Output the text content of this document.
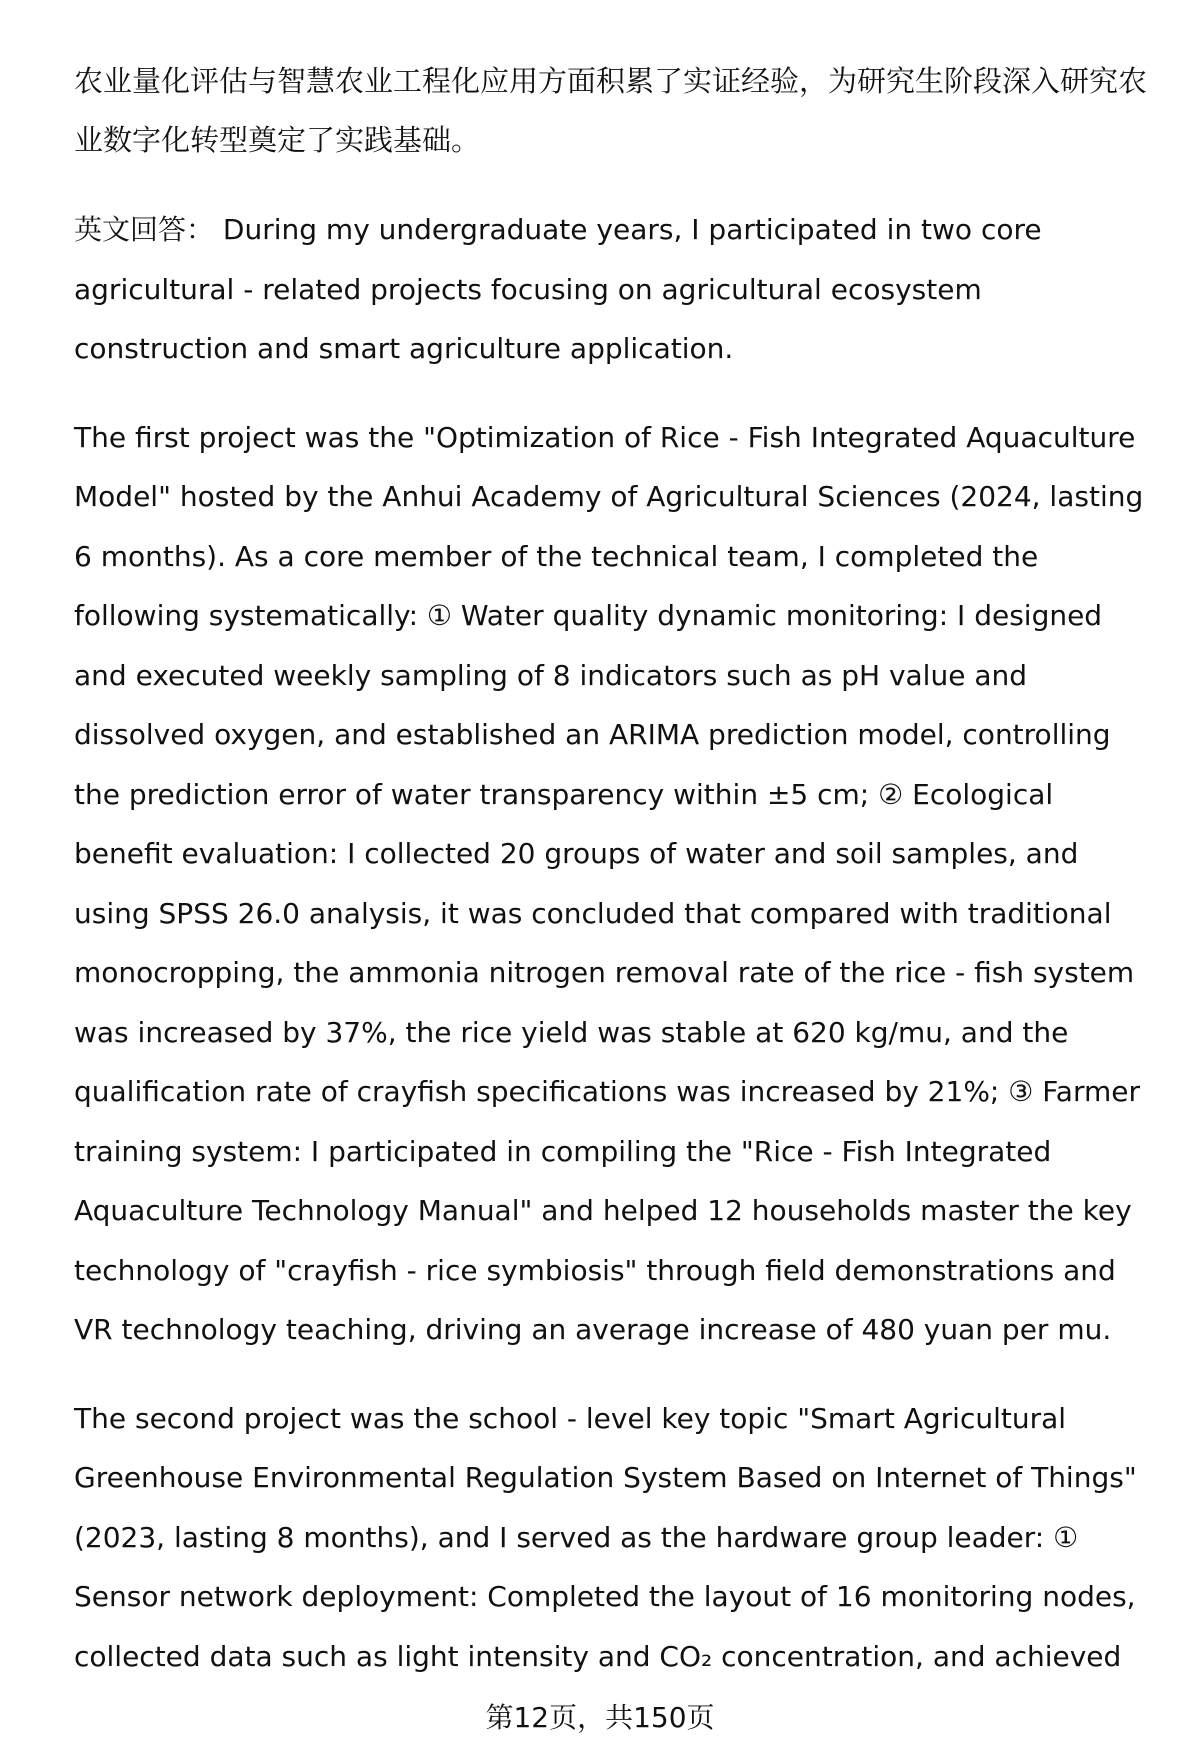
农业量化评估与智慧农业工程化应用方面积累了实证经验，为研究生阶段深入研究农业数字化转型奠定了实践基础。

英文回答： During my undergraduate years, I participated in two core agricultural - related projects focusing on agricultural ecosystem construction and smart agriculture application.

The first project was the "Optimization of Rice - Fish Integrated Aquaculture Model" hosted by the Anhui Academy of Agricultural Sciences (2024, lasting 6 months). As a core member of the technical team, I completed the following systematically: ① Water quality dynamic monitoring: I designed and executed weekly sampling of 8 indicators such as pH value and dissolved oxygen, and established an ARIMA prediction model, controlling the prediction error of water transparency within ±5 cm; ② Ecological benefit evaluation: I collected 20 groups of water and soil samples, and using SPSS 26.0 analysis, it was concluded that compared with traditional monocropping, the ammonia nitrogen removal rate of the rice - fish system was increased by 37%, the rice yield was stable at 620 kg/mu, and the qualification rate of crayfish specifications was increased by 21%; ③ Farmer training system: I participated in compiling the "Rice - Fish Integrated Aquaculture Technology Manual" and helped 12 households master the key technology of "crayfish - rice symbiosis" through field demonstrations and VR technology teaching, driving an average increase of 480 yuan per mu.

The second project was the school - level key topic "Smart Agricultural Greenhouse Environmental Regulation System Based on Internet of Things" (2023, lasting 8 months), and I served as the hardware group leader: ① Sensor network deployment: Completed the layout of 16 monitoring nodes, collected data such as light intensity and CO₂ concentration, and achieved

第12页，共150页
